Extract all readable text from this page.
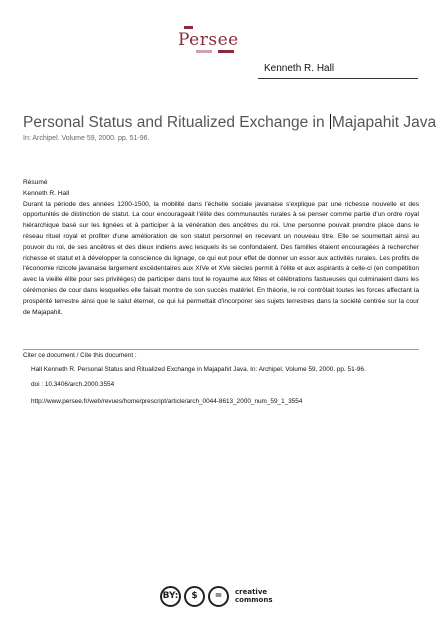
Persee
Kenneth R. Hall
Personal Status and Ritualized Exchange in Majapahit Java
In: Archipel. Volume 59, 2000. pp. 51-96.
Résumé
Kenneth R. Hall
Durant la période des années 1200-1500, la mobilité dans l'échelle sociale javanaise s'explique par une richesse nouvelle et des opportunités de distinction de statut. La cour encourageait l'élite des communautés rurales à se penser comme partie d'un ordre royal hiérarchique basé sur les lignées et à participer à la vénération des ancêtres du roi. Une personne pouvait prendre place dans le réseau rituel royal et profiter d'une amélioration de son statut personnel en recevant un nouveau titre. Elle se soumettait ainsi au pouvoir du roi, de ses ancêtres et des dieux indiens avec lesquels ils se confondaient. Des familles étaient encouragées à rechercher richesse et statut et à développer la conscience du lignage, ce qui eut pour effet de donner un essor aux activités rurales. Les profits de l'économie rizicole javanaise largement excédentaires aux XIVe et XVe siècles permit à l'élite et aux aspirants à celle-ci (en compétition avec la vieille élite pour ses privilèges) de participer dans tout le royaume aux fêtes et célébrations fastueuses qui culminaient dans les cérémonies de cour dans lesquelles elle faisait montre de son succès matériel. En théorie, le roi contrôlait toutes les forces affectant la prospérité terrestre ainsi que le salut éternel, ce qui lui permettait d'incorporer ses sujets terrestres dans la société centrée sur la cour de Majapahit.
Citer ce document / Cite this document :
Hall Kenneth R. Personal Status and Ritualized Exchange in Majapahit Java. In: Archipel. Volume 59, 2000. pp. 51-96.
doi : 10.3406/arch.2000.3554
http://www.persee.fr/web/revues/home/prescript/article/arch_0044-8613_2000_num_59_1_3554
BY:	$	=	creative
commons
